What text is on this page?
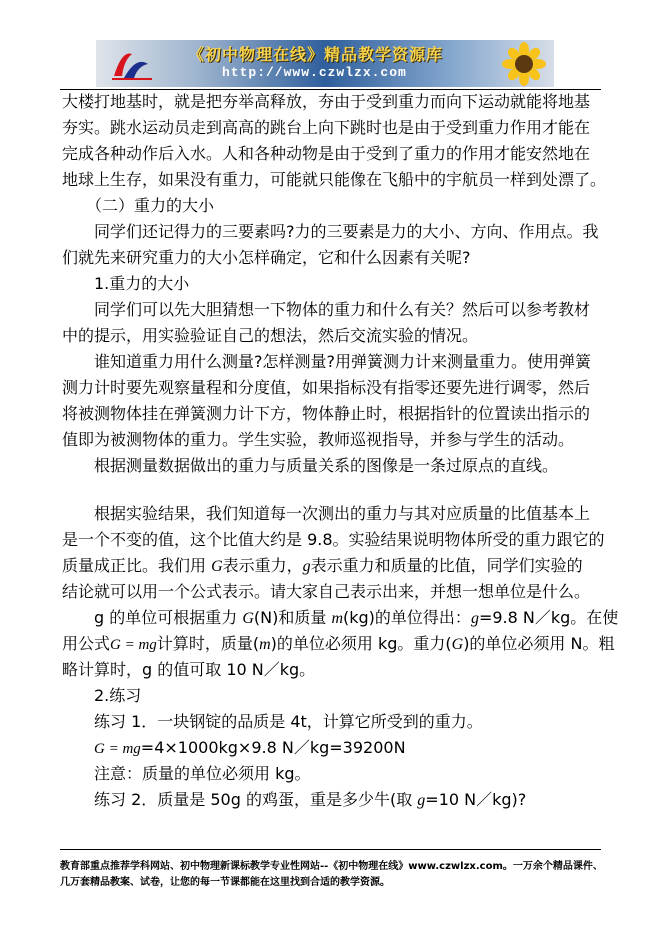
《初中物理在线》精品教学资源库
http://www.czwlzx.com
大楼打地基时，就是把夯举高释放，夯由于受到重力而向下运动就能将地基
夯实。跳水运动员走到高高的跳台上向下跳时也是由于受到重力作用才能在
完成各种动作后入水。人和各种动物是由于受到了重力的作用才能安然地在
地球上生存，如果没有重力，可能就只能像在飞船中的宇航员一样到处漂了。
（二）重力的大小
同学们还记得力的三要素吗?力的三要素是力的大小、方向、作用点。我
们就先来研究重力的大小怎样确定，它和什么因素有关呢?
1.重力的大小
同学们可以先大胆猜想一下物体的重力和什么有关？然后可以参考教材
中的提示，用实验验证自己的想法，然后交流实验的情况。
谁知道重力用什么测量?怎样测量?用弹簧测力计来测量重力。使用弹簧
测力计时要先观察量程和分度值，如果指标没有指零还要先进行调零，然后
将被测物体挂在弹簧测力计下方，物体静止时，根据指针的位置读出指示的
值即为被测物体的重力。学生实验，教师巡视指导，并参与学生的活动。
根据测量数据做出的重力与质量关系的图像是一条过原点的直线。
根据实验结果，我们知道每一次测出的重力与其对应质量的比值基本上
是一个不变的值，这个比值大约是 9.8。实验结果说明物体所受的重力跟它的
质量成正比。我们用 G表示重力，g表示重力和质量的比值，同学们实验的
结论就可以用一个公式表示。请大家自己表示出来，并想一想单位是什么。
g 的单位可根据重力 G(N)和质量 m(kg)的单位得出：g=9.8 N／kg。在使
用公式G = mg计算时，质量(m)的单位必须用 kg。重力(G)的单位必须用 N。粗
略计算时，g 的值可取 10 N／kg。
2.练习
练习 1．一块钢锭的品质是 4t，计算它所受到的重力。
G = mg=4×1000kg×9.8 N／kg=39200N
注意：质量的单位必须用 kg。
练习 2．质量是 50g 的鸡蛋，重是多少牛(取 g=10 N／kg)?
教育部重点推荐学科网站、初中物理新课标教学专业性网站--《初中物理在线》www.czwlzx.com。一万余个精品课件、
几万套精品教案、试卷，让您的每一节课都能在这里找到合适的教学资源。
